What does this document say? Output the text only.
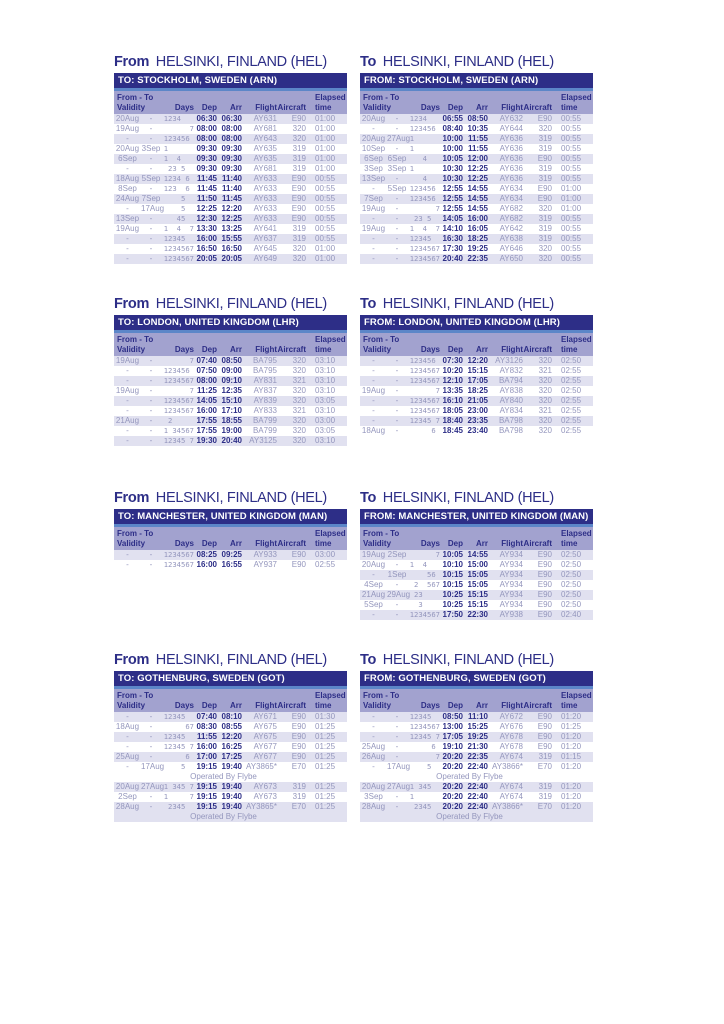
From HELSINKI, FINLAND (HEL)
TO: STOCKHOLM, SWEDEN (ARN)
From - To	Elapsed
Validity	Days Dep	Arr	Flight Aircraft	time
20Aug	-	1234 06:30 06:30	AY631	E90	01:00
19Aug	-	7 08:00 08:00	AY681	320	01:00
-	-	123456 08:00 08:00	AY643	320	01:00
20Aug 3Sep 1 09:30 09:30	AY635	319	01:00
6Sep	-	1  4 09:30 09:30	AY635	319	01:00
-	-	23 5 09:30 09:30	AY681	319	01:00
18Aug 5Sep 1234 6 11:45 11:40	AY633	E90	00:55
8Sep	-	123  6 11:45 11:40	AY633	E90	00:55
24Aug 7Sep 5 11:50 11:45	AY633	E90	00:55
-	17Aug 5 12:25 12:20	AY633	E90	00:55
13Sep	-	45 12:30 12:25	AY633	E90	00:55
19Aug	-	1  4  7 13:30 13:25	AY641	319	00:55
-	-	12345 16:00 15:55	AY637	319	00:55
-	-	1234567 16:50 16:50	AY645	320	01:00
-	-	1234567 20:05 20:05	AY649	320	01:00
To HELSINKI, FINLAND (HEL)
FROM: STOCKHOLM, SWEDEN (ARN)
From - To	Elapsed
Validity	Days Dep	Arr	Flight Aircraft	time
20Aug	-	1234 06:55 08:50	AY632	E90	00:55
-	-	123456 08:40 10:35	AY644	320	00:55
20Aug 27Aug 1 10:00 11:55	AY636	319	00:55
10Sep	-	1 10:00 11:55	AY636	319	00:55
6Sep 6Sep 4 10:05 12:00	AY636	E90	00:55
3Sep 3Sep 1 10:30 12:25	AY636	319	00:55
13Sep	-	4 10:30 12:25	AY636	319	00:55
-	5Sep 123456 12:55 14:55	AY634	E90	01:00
7Sep	-	123456 12:55 14:55	AY634	E90	01:00
19Aug	-	7 12:55 14:55	AY682	320	01:00
-	-	23 5 14:05 16:00	AY682	319	00:55
19Aug	-	1  4  7 14:10 16:05	AY642	319	00:55
-	-	12345 16:30 18:25	AY638	319	00:55
-	-	1234567 17:30 19:25	AY646	320	00:55
-	-	1234567 20:40 22:35	AY650	320	00:55
From HELSINKI, FINLAND (HEL)
TO: LONDON, UNITED KINGDOM (LHR)
From - To	Elapsed
Validity	Days Dep	Arr	Flight Aircraft	time
19Aug	-	7 07:40 08:50	BA795	320	03:10
-	-	123456 07:50 09:00	BA795	320	03:10
-	-	1234567 08:00 09:10	AY831	321	03:10
19Aug	-	7 11:25 12:35	AY837	320	03:10
-	-	1234567 14:05 15:10	AY839	320	03:05
-	-	1234567 16:00 17:10	AY833	321	03:10
21Aug	-	2 17:55 18:55	BA799	320	03:00
-	-	1 34567 17:55 19:00	BA799	320	03:05
-	-	12345 7 19:30 20:40 AY3125	320	03:10
To HELSINKI, FINLAND (HEL)
FROM: LONDON, UNITED KINGDOM (LHR)
From - To	Elapsed
Validity	Days Dep	Arr	Flight Aircraft	time
-	-	123456 07:30 12:20 AY3126	320	02:50
-	-	1234567 10:20 15:15	AY832	321	02:55
-	-	1234567 12:10 17:05	BA794	320	02:55
19Aug	-	7 13:35 18:25	AY838	320	02:50
-	-	1234567 16:10 21:05	AY840	320	02:55
-	-	1234567 18:05 23:00	AY834	321	02:55
-	-	12345 7 18:40 23:35	BA798	320	02:55
18Aug	-	6 18:45 23:40	BA798	320	02:55
From HELSINKI, FINLAND (HEL)
TO: MANCHESTER, UNITED KINGDOM (MAN)
From - To	Elapsed
Validity	Days Dep	Arr	Flight Aircraft	time
-	-	1234567 08:25 09:25	AY933	E90	03:00
-	-	1234567 16:00 16:55	AY937	E90	02:55
To HELSINKI, FINLAND (HEL)
FROM: MANCHESTER, UNITED KINGDOM (MAN)
From - To	Elapsed
Validity	Days Dep	Arr	Flight Aircraft	time
19Aug 2Sep 7 10:05 14:55	AY934	E90	02:50
20Aug	-	1  4 10:10 15:00	AY934	E90	02:50
-	1Sep 56 10:15 15:05	AY934	E90	02:50
4Sep	-	2  567 10:15 15:05	AY934	E90	02:50
21Aug 29Aug 23 10:25 15:15	AY934	E90	02:50
5Sep	-	3 10:25 15:15	AY934	E90	02:50
-	-	1234567 17:50 22:30	AY938	E90	02:40
From HELSINKI, FINLAND (HEL)
TO: GOTHENBURG, SWEDEN (GOT)
From - To	Elapsed
Validity	Days Dep	Arr	Flight Aircraft	time
-	-	12345 07:40 08:10	AY671	E90	01:30
18Aug	-	67 08:30 08:55	AY675	E90	01:25
-	-	12345 11:55 12:20	AY675	E90	01:25
-	-	12345 7 16:00 16:25	AY677	E90	01:25
25Aug	-	6 17:00 17:25	AY677	E90	01:25
-	17Aug 5 19:15 19:40 AY3865*	E70	01:25
Operated By Flybe
20Aug 27Aug 1 345 7 19:15 19:40	AY673	319	01:25
2Sep	-	1     7 19:15 19:40	AY673	319	01:25
28Aug	-	2345 19:15 19:40 AY3865*	E70	01:25
Operated By Flybe
To HELSINKI, FINLAND (HEL)
FROM: GOTHENBURG, SWEDEN (GOT)
From - To	Elapsed
Validity	Days Dep	Arr	Flight Aircraft	time
-	-	12345 08:50 11:10	AY672	E90	01:20
-	-	1234567 13:00 15:25	AY676	E90	01:25
-	-	12345 7 17:05 19:25	AY678	E90	01:20
25Aug	-	6 19:10 21:30	AY678	E90	01:20
26Aug	-	7 20:20 22:35	AY674	319	01:15
-	17Aug 5 20:20 22:40 AY3866*	E70	01:20
Operated By Flybe
20Aug 27Aug 1 345 20:20 22:40	AY674	319	01:20
3Sep	-	1 20:20 22:40	AY674	319	01:20
28Aug	-	2345 20:20 22:40 AY3866*	E70	01:20
Operated By Flybe
